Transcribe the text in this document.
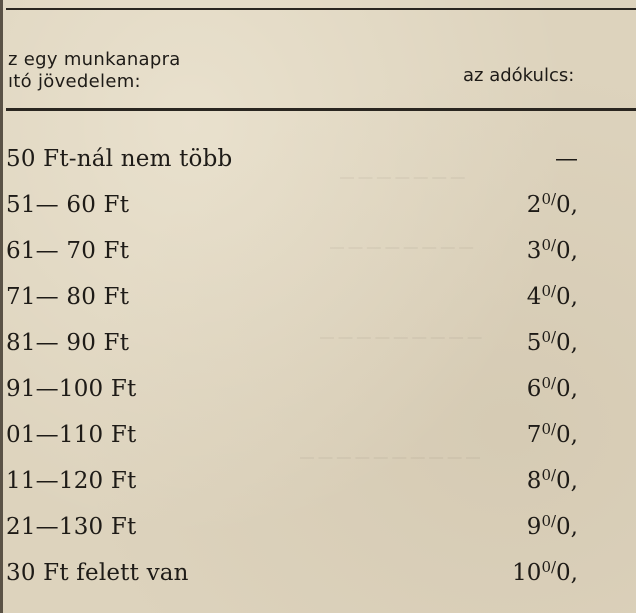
― ― ― ― ― ― ―
― ― ― ― ― ― ― ―
― ― ― ― ― ― ― ― ―
― ― ― ― ― ― ― ― ― ―
z egy munkanapra
ıtó jövedelem:	az adókulcs:
50 Ft-nál nem több	—
51— 60 Ft	$2^{0/}0$,
61— 70 Ft	$3^{0/}0$,
71— 80 Ft	$4^{0/}0$,
81— 90 Ft	$5^{0/}0$,
91—100 Ft	$6^{0/}0$,
01—110 Ft	$7^{0/}0$,
11—120 Ft	$8^{0/}0$,
21—130 Ft	$9^{0/}0$,
30 Ft felett van	$10^{0/}0$,
